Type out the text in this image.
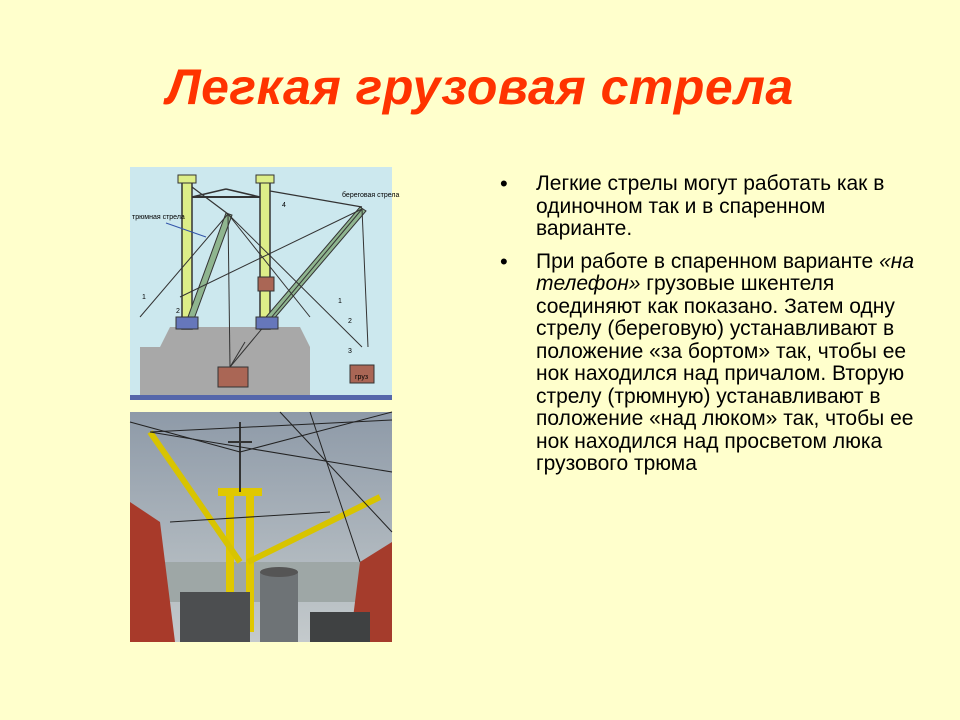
Легкая грузовая стрела
груз
трюмная стрела
береговая стрела
1
2
1
2
3
4
• Легкие стрелы могут работать как в одиночном так и в спаренном варианте.
• При работе в спаренном варианте «на телефон» грузовые шкентеля соединяют как показано. Затем одну стрелу (береговую) устанавливают в положение «за бортом» так, чтобы ее нок находился над причалом. Вторую стрелу (трюмную) устанавливают в положение «над люком» так, чтобы ее нок находился над просветом люка грузового трюма
